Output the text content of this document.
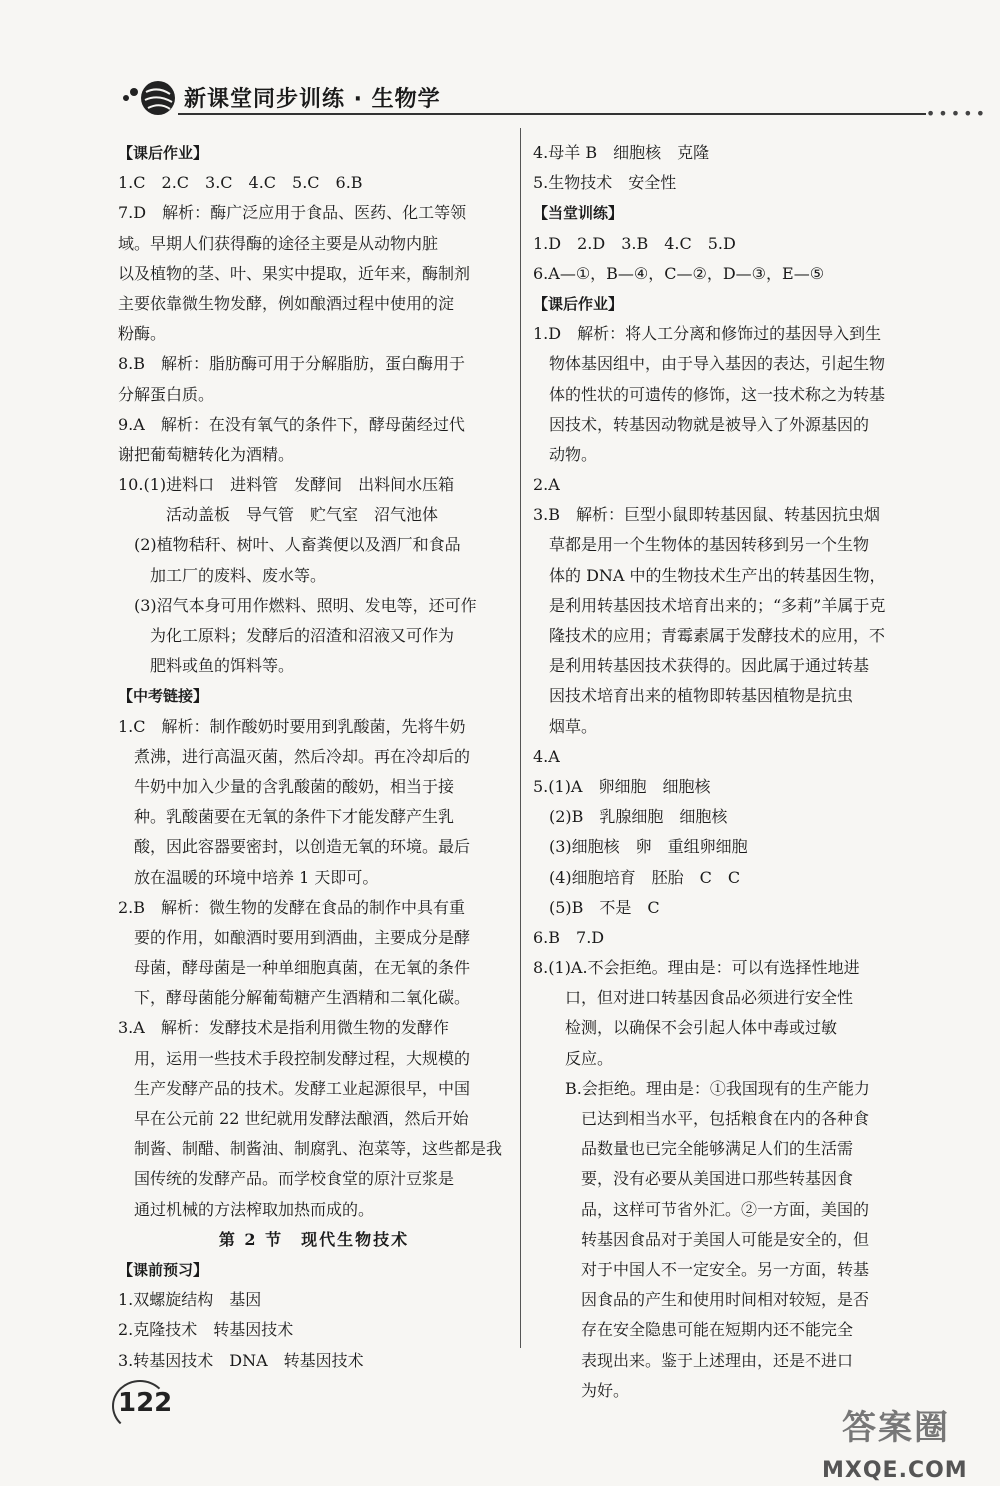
新课堂同步训练 · 生物学
•••••
【课后作业】
1.C　2.C　3.C　4.C　5.C　6.B
7.D　解析：酶广泛应用于食品、医药、化工等领
域。早期人们获得酶的途径主要是从动物内脏
以及植物的茎、叶、果实中提取，近年来，酶制剂
主要依靠微生物发酵，例如酿酒过程中使用的淀
粉酶。
8.B　解析：脂肪酶可用于分解脂肪，蛋白酶用于
分解蛋白质。
9.A　解析：在没有氧气的条件下，酵母菌经过代
谢把葡萄糖转化为酒精。
10.(1)进料口　进料管　发酵间　出料间水压箱
　　　活动盖板　导气管　贮气室　沼气池体
　(2)植物秸秆、树叶、人畜粪便以及酒厂和食品
　　加工厂的废料、废水等。
　(3)沼气本身可用作燃料、照明、发电等，还可作
　　为化工原料；发酵后的沼渣和沼液又可作为
　　肥料或鱼的饵料等。
【中考链接】
1.C　解析：制作酸奶时要用到乳酸菌，先将牛奶
　煮沸，进行高温灭菌，然后冷却。再在冷却后的
　牛奶中加入少量的含乳酸菌的酸奶，相当于接
　种。乳酸菌要在无氧的条件下才能发酵产生乳
　酸，因此容器要密封，以创造无氧的环境。最后
　放在温暖的环境中培养 1 天即可。
2.B　解析：微生物的发酵在食品的制作中具有重
　要的作用，如酿酒时要用到酒曲，主要成分是酵
　母菌，酵母菌是一种单细胞真菌，在无氧的条件
　下，酵母菌能分解葡萄糖产生酒精和二氧化碳。
3.A　解析：发酵技术是指利用微生物的发酵作
　用，运用一些技术手段控制发酵过程，大规模的
　生产发酵产品的技术。发酵工业起源很早，中国
　早在公元前 22 世纪就用发酵法酿酒，然后开始
　制酱、制醋、制酱油、制腐乳、泡菜等，这些都是我
　国传统的发酵产品。而学校食堂的原汁豆浆是
　通过机械的方法榨取加热而成的。
第 2 节　现代生物技术
【课前预习】
1.双螺旋结构　基因
2.克隆技术　转基因技术
3.转基因技术　DNA　转基因技术
4.母羊 B　细胞核　克隆
5.生物技术　安全性
【当堂训练】
1.D　2.D　3.B　4.C　5.D
6.A—①，B—④，C—②，D—③，E—⑤
【课后作业】
1.D　解析：将人工分离和修饰过的基因导入到生
　物体基因组中，由于导入基因的表达，引起生物
　体的性状的可遗传的修饰，这一技术称之为转基
　因技术，转基因动物就是被导入了外源基因的
　动物。
2.A
3.B　解析：巨型小鼠即转基因鼠、转基因抗虫烟
　草都是用一个生物体的基因转移到另一个生物
　体的 DNA 中的生物技术生产出的转基因生物，
　是利用转基因技术培育出来的；“多莉”羊属于克
　隆技术的应用；青霉素属于发酵技术的应用，不
　是利用转基因技术获得的。因此属于通过转基
　因技术培育出来的植物即转基因植物是抗虫
　烟草。
4.A
5.(1)A　卵细胞　细胞核
　(2)B　乳腺细胞　细胞核
　(3)细胞核　卵　重组卵细胞
　(4)细胞培育　胚胎　C　C
　(5)B　不是　C
6.B　7.D
8.(1)A.不会拒绝。理由是：可以有选择性地进
　　口，但对进口转基因食品必须进行安全性
　　检测，以确保不会引起人体中毒或过敏
　　反应。
　　B.会拒绝。理由是：①我国现有的生产能力
　　　已达到相当水平，包括粮食在内的各种食
　　　品数量也已完全能够满足人们的生活需
　　　要，没有必要从美国进口那些转基因食
　　　品，这样可节省外汇。②一方面，美国的
　　　转基因食品对于美国人可能是安全的，但
　　　对于中国人不一定安全。另一方面，转基
　　　因食品的产生和使用时间相对较短，是否
　　　存在安全隐患可能在短期内还不能完全
　　　表现出来。鉴于上述理由，还是不进口
　　　为好。
122
答案圈
MXQE.COM
